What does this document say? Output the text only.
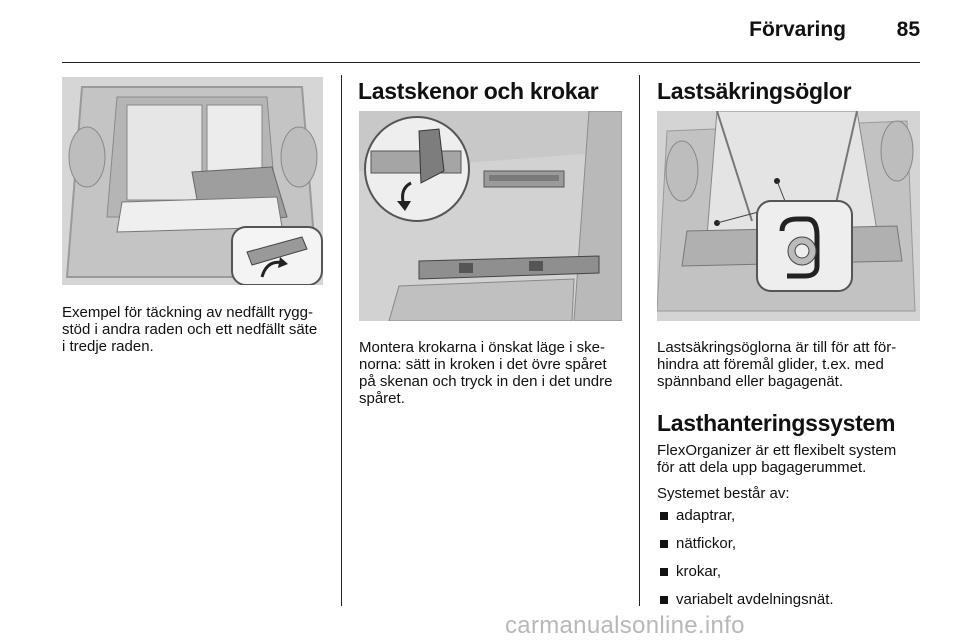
Förvaring 85
Exempel för täckning av nedfällt rygg-
stöd i andra raden och ett nedfällt säte
i tredje raden.
Lastskenor och krokar
Montera krokarna i önskat läge i ske-
norna: sätt in kroken i det övre spåret
på skenan och tryck in den i det undre
spåret.
Lastsäkringsöglor
Lastsäkringsöglorna är till för att för-
hindra att föremål glider, t.ex. med
spännband eller bagagenät.
Lasthanteringssystem
FlexOrganizer är ett flexibelt system
för att dela upp bagagerummet.
Systemet består av:
adaptrar,
nätfickor,
krokar,
variabelt avdelningsnät.
carmanualsonline.info
